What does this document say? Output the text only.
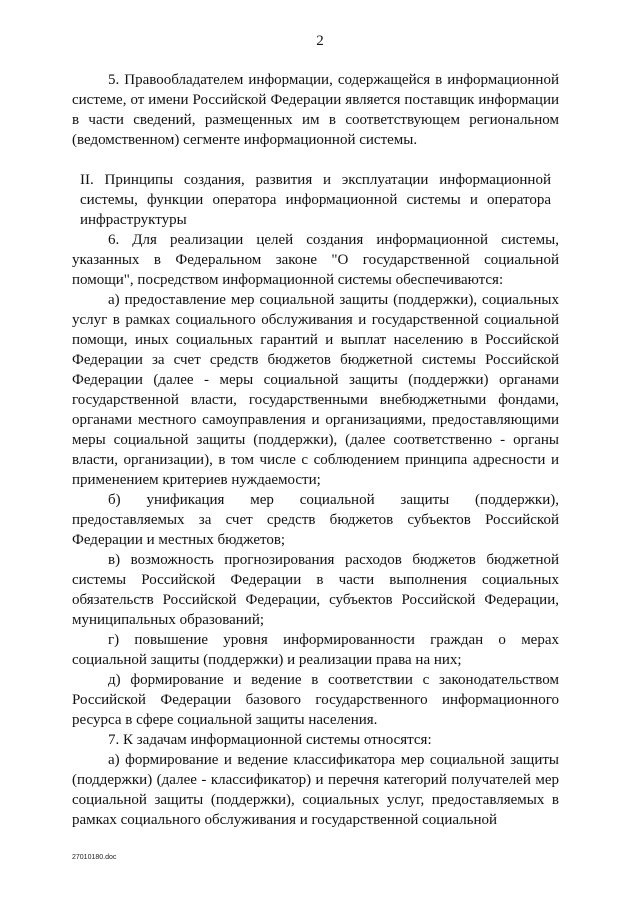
2

5. Правообладателем информации, содержащейся в информационной системе, от имени Российской Федерации является поставщик информации в части сведений, размещенных им в соответствующем региональном (ведомственном) сегменте информационной системы.

II. Принципы создания, развития и эксплуатации информационной системы, функции оператора информационной системы и оператора инфраструктуры

6. Для реализации целей создания информационной системы, указанных в Федеральном законе "О государственной социальной помощи", посредством информационной системы обеспечиваются:

а) предоставление мер социальной защиты (поддержки), социальных услуг в рамках социального обслуживания и государственной социальной помощи, иных социальных гарантий и выплат населению в Российской Федерации за счет средств бюджетов бюджетной системы Российской Федерации (далее - меры социальной защиты (поддержки) органами государственной власти, государственными внебюджетными фондами, органами местного самоуправления и организациями, предоставляющими меры социальной защиты (поддержки), (далее соответственно - органы власти, организации), в том числе с соблюдением принципа адресности и применением критериев нуждаемости;

б) унификация мер социальной защиты (поддержки), предоставляемых за счет средств бюджетов субъектов Российской Федерации и местных бюджетов;

в) возможность прогнозирования расходов бюджетов бюджетной системы Российской Федерации в части выполнения социальных обязательств Российской Федерации, субъектов Российской Федерации, муниципальных образований;

г) повышение уровня информированности граждан о мерах социальной защиты (поддержки) и реализации права на них;

д) формирование и ведение в соответствии с законодательством Российской Федерации базового государственного информационного ресурса в сфере социальной защиты населения.

7. К задачам информационной системы относятся:

а) формирование и ведение классификатора мер социальной защиты (поддержки) (далее - классификатор) и перечня категорий получателей мер социальной защиты (поддержки), социальных услуг, предоставляемых в рамках социального обслуживания и государственной социальной

27010180.doc
